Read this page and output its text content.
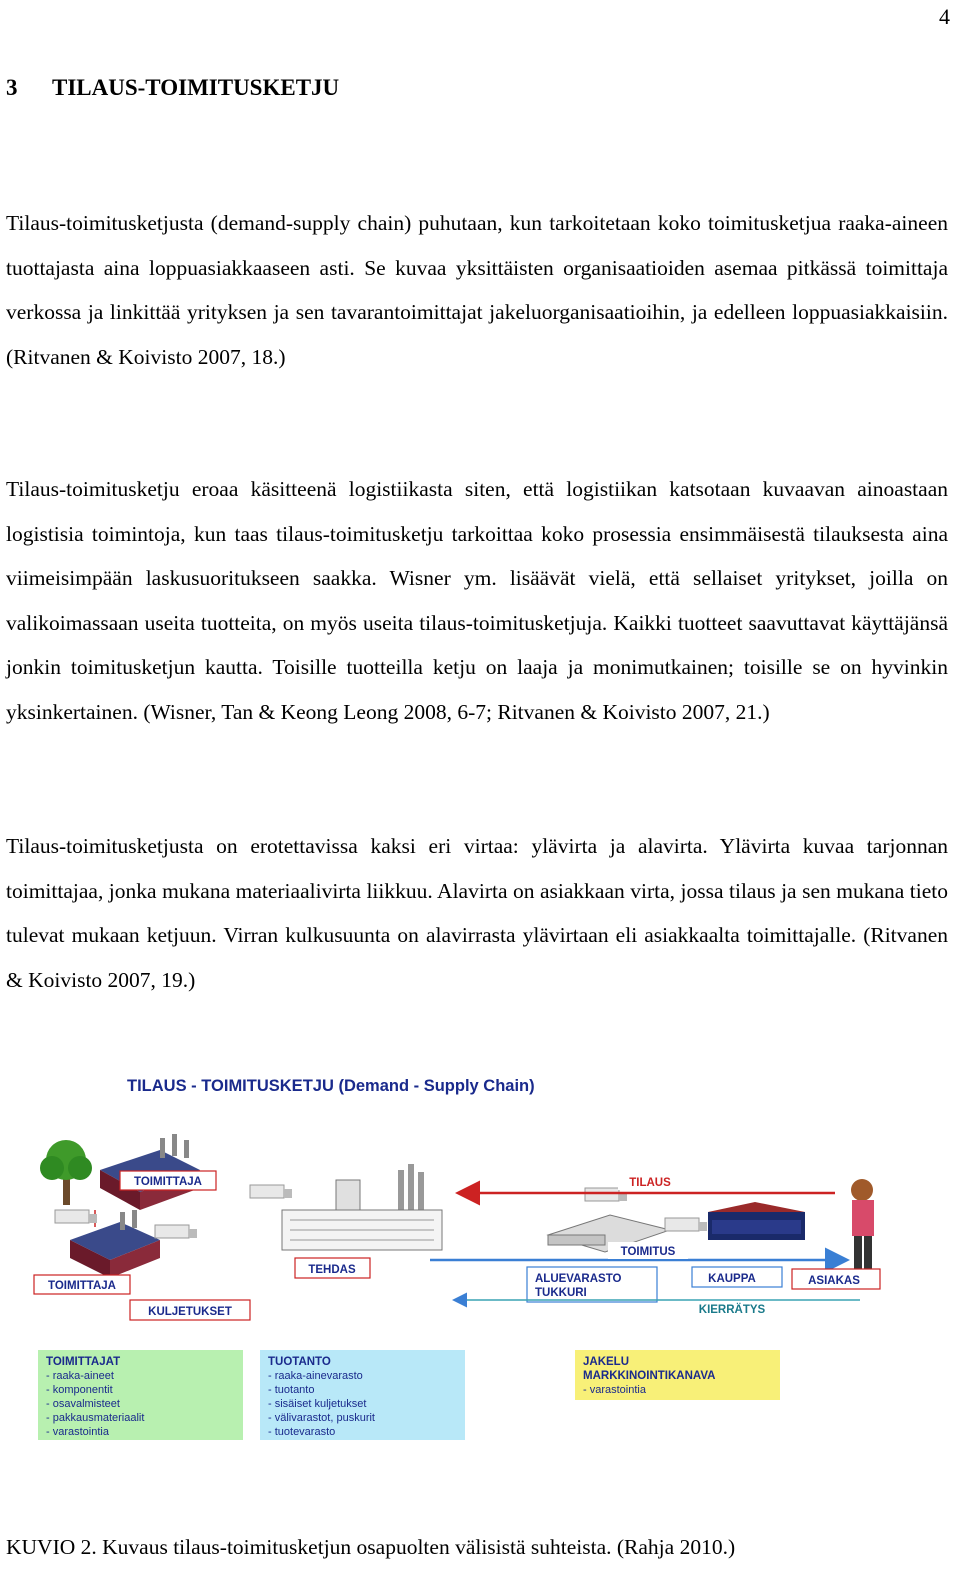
4
3 TILAUS-TOIMITUSKETJU

Tilaus-toimitusketjusta (demand-supply chain) puhutaan, kun tarkoitetaan koko toimitusketjua raaka-aineen tuottajasta aina loppuasiakkaaseen asti. Se kuvaa yksittäisten organisaatioiden asemaa pitkässä toimittaja verkossa ja linkittää yrityksen ja sen tavarantoimittajat jakeluorganisaatioihin, ja edelleen loppuasiakkaisiin. (Ritvanen & Koivisto 2007, 18.)

Tilaus-toimitusketju eroaa käsitteenä logistiikasta siten, että logistiikan katsotaan kuvaavan ainoastaan logistisia toimintoja, kun taas tilaus-toimitusketju tarkoittaa koko prosessia ensimmäisestä tilauksesta aina viimeisimpään laskusuoritukseen saakka. Wisner ym. lisäävät vielä, että sellaiset yritykset, joilla on valikoimassaan useita tuotteita, on myös useita tilaus-toimitusketjuja. Kaikki tuotteet saavuttavat käyttäjänsä jonkin toimitusketjun kautta. Toisille tuotteilla ketju on laaja ja monimutkainen; toisille se on hyvinkin yksinkertainen. (Wisner, Tan & Keong Leong 2008, 6-7; Ritvanen & Koivisto 2007, 21.)

Tilaus-toimitusketjusta on erotettavissa kaksi eri virtaa: ylävirta ja alavirta. Ylävirta kuvaa tarjonnan toimittajaa, jonka mukana materiaalivirta liikkuu. Alavirta on asiakkaan virta, jossa tilaus ja sen mukana tieto tulevat mukaan ketjuun. Virran kulkusuunta on alavirrasta ylävirtaan eli asiakkaalta toimittajalle. (Ritvanen & Koivisto 2007, 19.)

TILAUS - TOIMITUSKETJU (Demand - Supply Chain)
TOIMITTAJA
TOIMITTAJA
KULJETUKSET
TEHDAS
TILAUS
TOIMITUS
ALUEVARASTO
TUKKURI
KAUPPA	ASIAKAS
KIERRÄTYS
TOIMITTAJAT
- raaka-aineet
- komponentit
- osavalmisteet
- pakkausmateriaalit
- varastointia
TUOTANTO
- raaka-ainevarasto
- tuotanto
- sisäiset kuljetukset
- välivarastot, puskurit
- tuotevarasto
JAKELU
MARKKINOINTIKANAVA
- varastointia
KUVIO 2. Kuvaus tilaus-toimitusketjun osapuolten välisistä suhteista. (Rahja 2010.)
